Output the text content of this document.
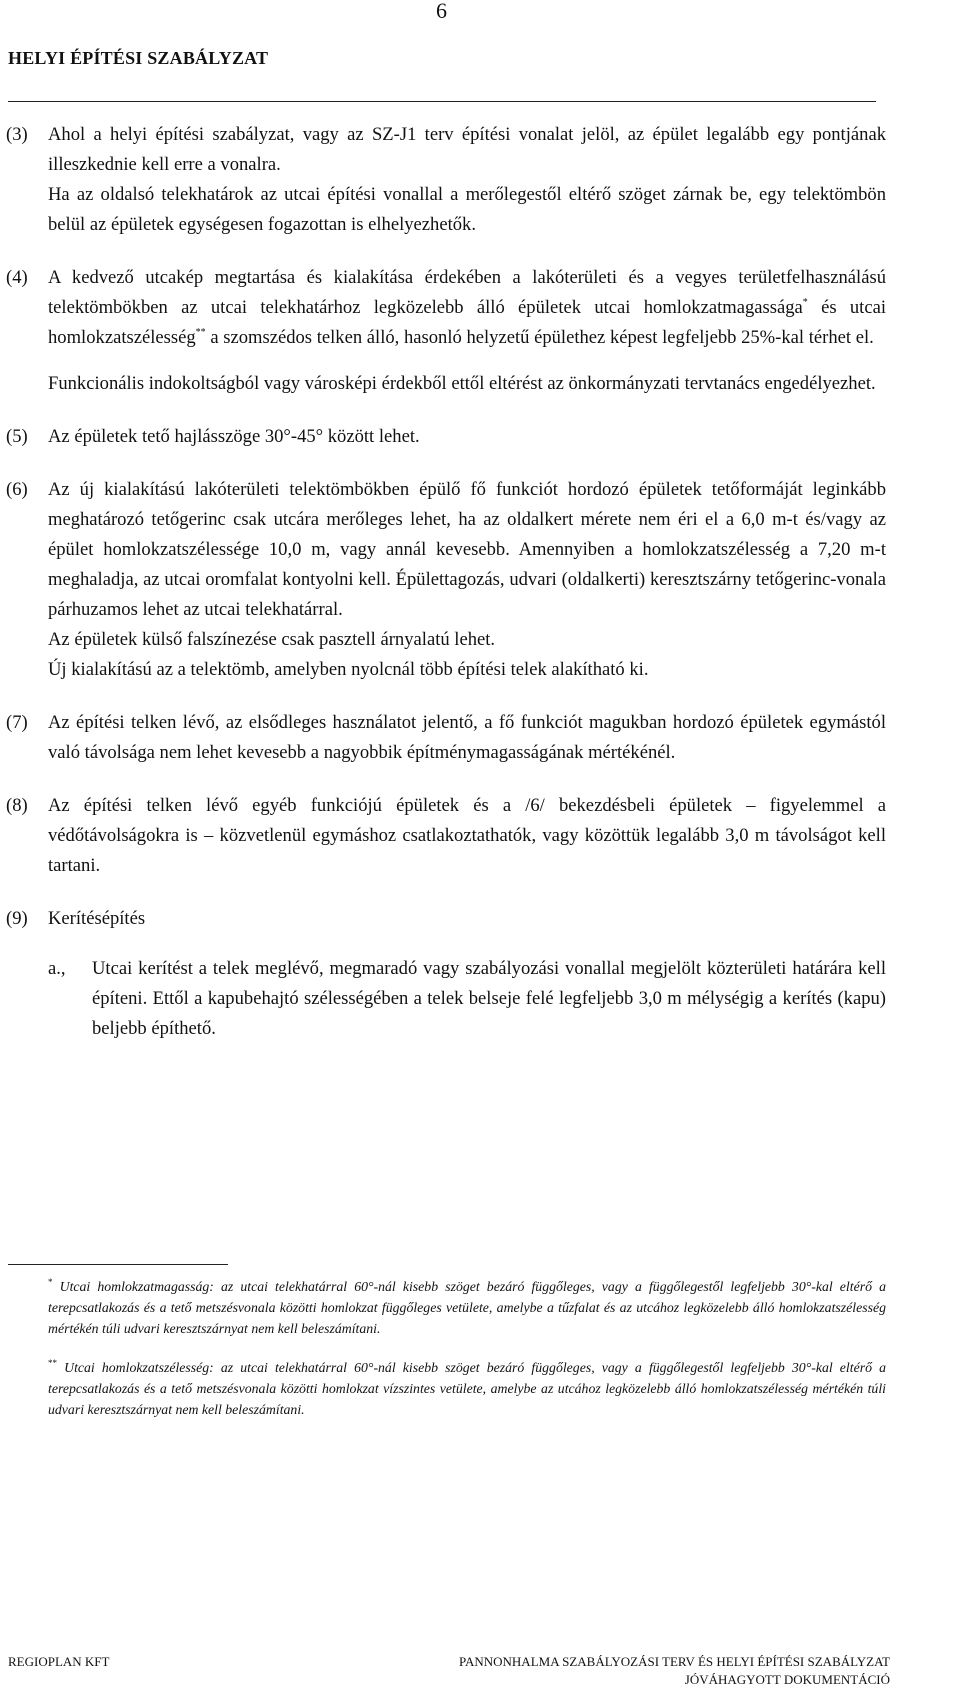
6
HELYI ÉPÍTÉSI SZABÁLYZAT
(3) Ahol a helyi építési szabályzat, vagy az SZ-J1 terv építési vonalat jelöl, az épület legalább egy pontjának illeszkednie kell erre a vonalra.

Ha az oldalsó telekhatárok az utcai építési vonallal a merőlegestől eltérő szöget zárnak be, egy telektömbön belül az épületek egységesen fogazottan is elhelyezhetők.

(4) A kedvező utcakép megtartása és kialakítása érdekében a lakóterületi és a vegyes területfelhasználású telektömbökben az utcai telekhatárhoz legközelebb álló épületek utcai homlokzatmagassága* és utcai homlokzatszélesség** a szomszédos telken álló, hasonló helyzetű épülethez képest legfeljebb 25%-kal térhet el.

Funkcionális indokoltságból vagy városképi érdekből ettől eltérést az önkormányzati tervtanács engedélyezhet.

(5) Az épületek tető hajlásszöge 30°-45° között lehet.

(6) Az új kialakítású lakóterületi telektömbökben épülő fő funkciót hordozó épületek tetőformáját leginkább meghatározó tetőgerinc csak utcára merőleges lehet, ha az oldalkert mérete nem éri el a 6,0 m-t és/vagy az épület homlokzatszélessége 10,0 m, vagy annál kevesebb. Amennyiben a homlokzatszélesség a 7,20 m-t meghaladja, az utcai oromfalat kontyolni kell. Épülettagozás, udvari (oldalkerti) keresztszárny tetőgerinc-vonala párhuzamos lehet az utcai telekhatárral.

Az épületek külső falszínezése csak pasztell árnyalatú lehet.

Új kialakítású az a telektömb, amelyben nyolcnál több építési telek alakítható ki.

(7) Az építési telken lévő, az elsődleges használatot jelentő, a fő funkciót magukban hordozó épületek egymástól való távolsága nem lehet kevesebb a nagyobbik építménymagasságának mértékénél.

(8) Az építési telken lévő egyéb funkciójú épületek és a /6/ bekezdésbeli épületek – figyelemmel a védőtávolságokra is – közvetlenül egymáshoz csatlakoztathatók, vagy közöttük legalább 3,0 m távolságot kell tartani.

(9) Kerítésépítés

a., Utcai kerítést a telek meglévő, megmaradó vagy szabályozási vonallal megjelölt közterületi határára kell építeni. Ettől a kapubehajtó szélességében a telek belseje felé legfeljebb 3,0 m mélységig a kerítés (kapu) beljebb építhető.

* Utcai homlokzatmagasság: az utcai telekhatárral 60°-nál kisebb szöget bezáró függőleges, vagy a függőlegestől legfeljebb 30°-kal eltérő a terepcsatlakozás és a tető metszésvonala közötti homlokzat függőleges vetülete, amelybe a tűzfalat és az utcához legközelebb álló homlokzatszélesség mértékén túli udvari keresztszárnyat nem kell beleszámítani.

** Utcai homlokzatszélesség: az utcai telekhatárral 60°-nál kisebb szöget bezáró függőleges, vagy a függőlegestől legfeljebb 30°-kal eltérő a terepcsatlakozás és a tető metszésvonala közötti homlokzat vízszintes vetülete, amelybe az utcához legközelebb álló homlokzatszélesség mértékén túli udvari keresztszárnyat nem kell beleszámítani.

REGIOPLAN KFT	PANNONHALMA SZABÁLYOZÁSI TERV ÉS HELYI ÉPÍTÉSI SZABÁLYZAT JÓVÁHAGYOTT DOKUMENTÁCIÓ
